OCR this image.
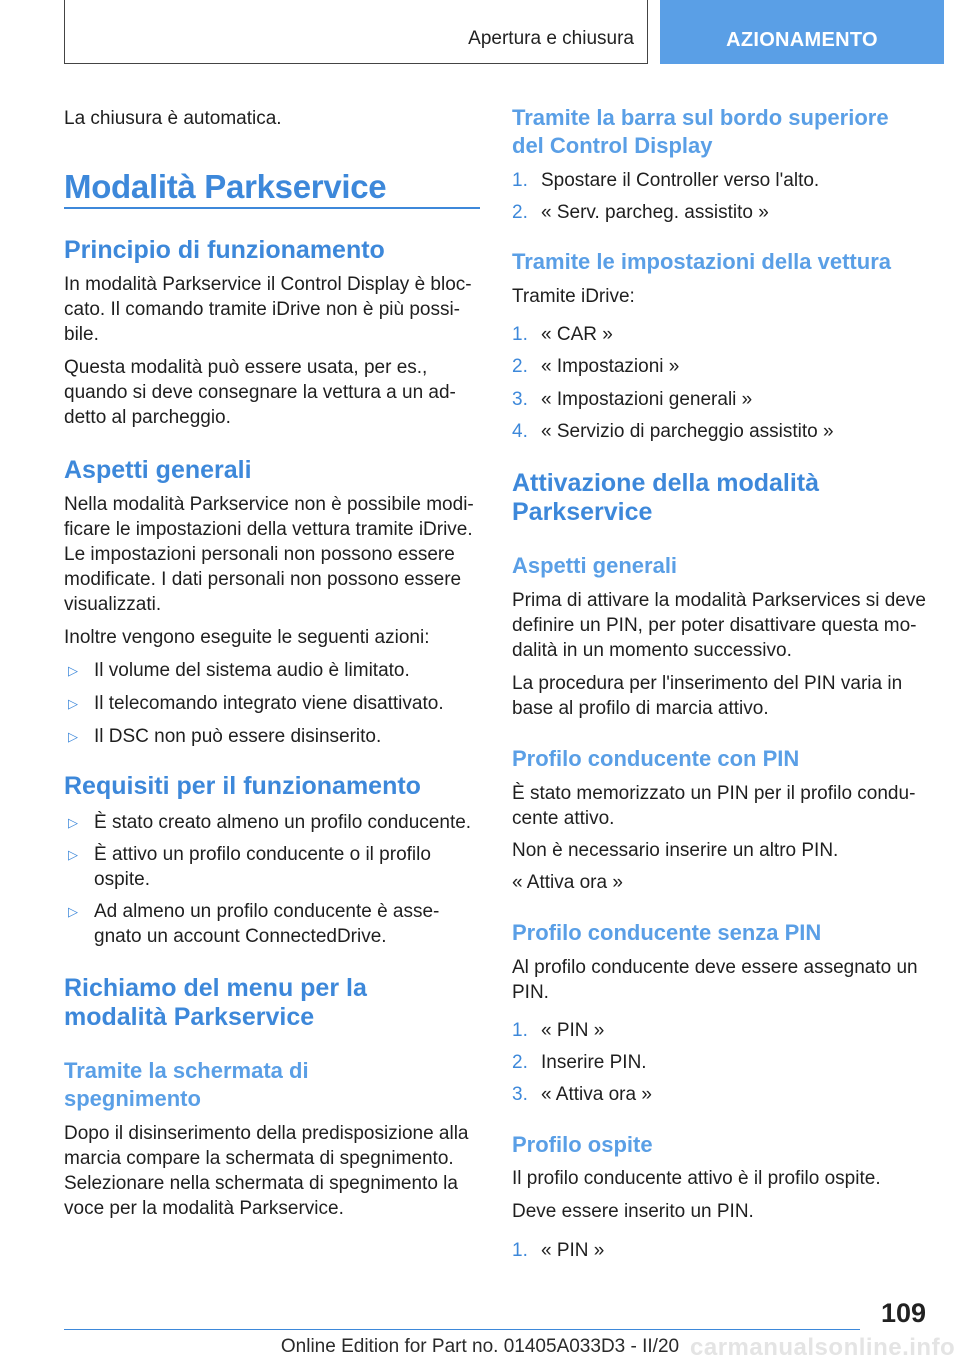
Apertura e chiusura	AZIONAMENTO

La chiusura è automatica.

Modalità Parkservice
Principio di funzionamento

In modalità Parkservice il Control Display è bloc‐

cato. Il comando tramite iDrive non è più possi‐

bile.

Questa modalità può essere usata, per es.,

quando si deve consegnare la vettura a un ad‐

detto al parcheggio.

Aspetti generali

Nella modalità Parkservice non è possibile modi‐

ficare le impostazioni della vettura tramite iDrive.

Le impostazioni personali non possono essere

modificate. I dati personali non possono essere

visualizzati.

Inoltre vengono eseguite le seguenti azioni:

▷ Il volume del sistema audio è limitato.
▷ Il telecomando integrato viene disattivato.
▷ Il DSC non può essere disinserito.
Requisiti per il funzionamento
▷ È stato creato almeno un profilo conducente.
▷ È attivo un profilo conducente o il profilo
ospite.
▷ Ad almeno un profilo conducente è asse‐
gnato un account ConnectedDrive.
Richiamo del menu per la
modalità Parkservice
Tramite la schermata di
spegnimento

Dopo il disinserimento della predisposizione alla

marcia compare la schermata di spegnimento.

Selezionare nella schermata di spegnimento la

voce per la modalità Parkservice.

Tramite la barra sul bordo superiore
del Control Display
1. Spostare il Controller verso l'alto.
2. « Serv. parcheg. assistito »
Tramite le impostazioni della vettura

Tramite iDrive:

1. « CAR »
2. « Impostazioni »
3. « Impostazioni generali »
4. « Servizio di parcheggio assistito »
Attivazione della modalità
Parkservice
Aspetti generali

Prima di attivare la modalità Parkservices si deve

definire un PIN, per poter disattivare questa mo‐

dalità in un momento successivo.

La procedura per l'inserimento del PIN varia in

base al profilo di marcia attivo.

Profilo conducente con PIN

È stato memorizzato un PIN per il profilo condu‐

cente attivo.

Non è necessario inserire un altro PIN.

« Attiva ora »

Profilo conducente senza PIN

Al profilo conducente deve essere assegnato un

PIN.

1. « PIN »
2. Inserire PIN.
3. « Attiva ora »
Profilo ospite

Il profilo conducente attivo è il profilo ospite.

Deve essere inserito un PIN.

1. « PIN »
109
carmanualsonline.info
Online Edition for Part no. 01405A033D3 - II/20
